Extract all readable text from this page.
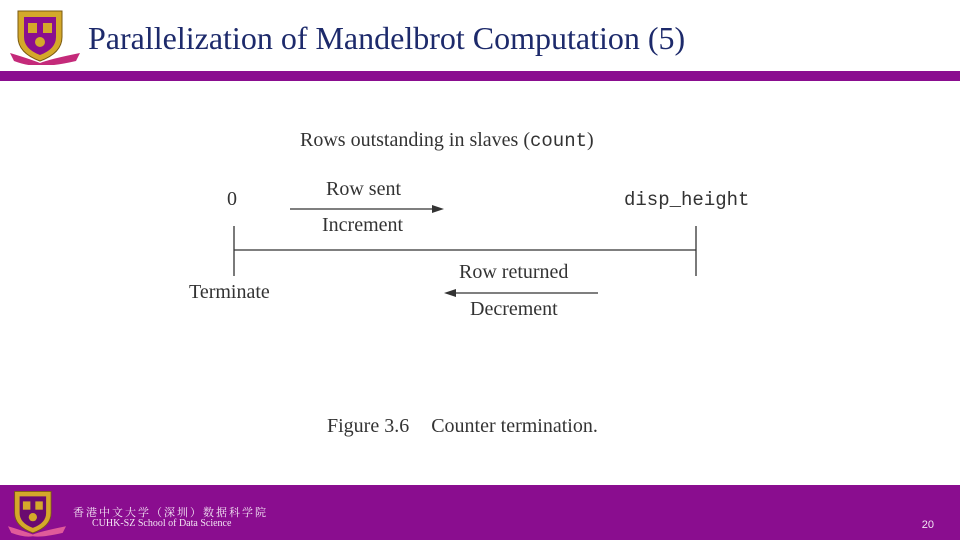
Parallelization of Mandelbrot Computation (5)
Rows outstanding in slaves (count)
0	disp_height
Row sent
Increment
Terminate
Row returned
Decrement
Figure 3.6 Counter termination.
香港中文大学（深圳）数据科学院
CUHK-SZ School of Data Science	20
